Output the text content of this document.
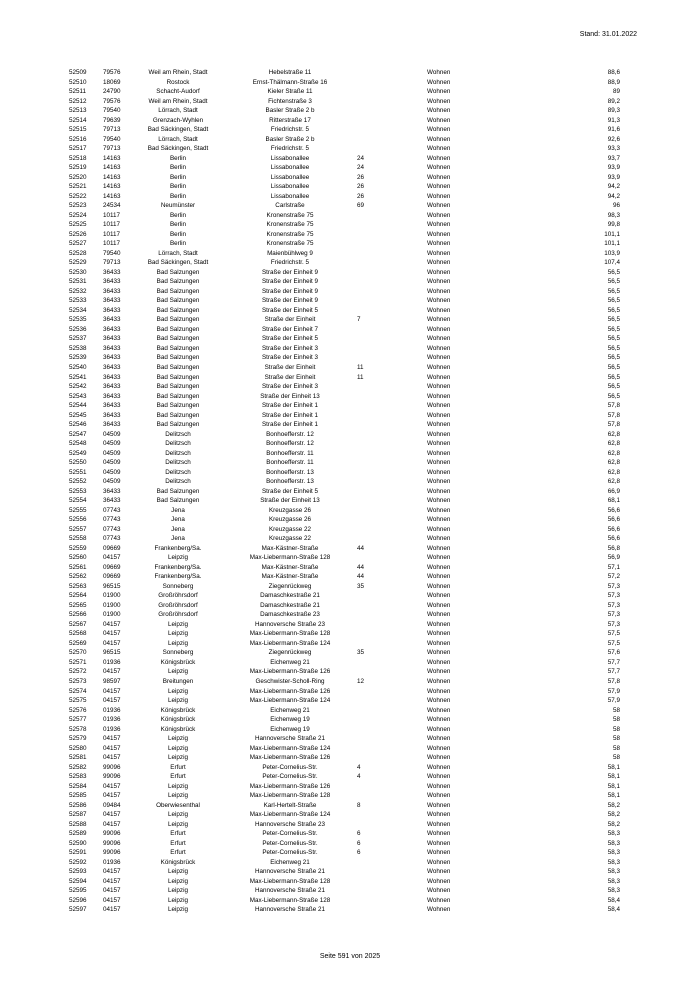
Stand: 31.01.2022
52509	79576	Weil am Rhein, Stadt	Hebelstraße 11	Wohnen	88,6
52510	18069	Rostock	Ernst-Thälmann-Straße 16	Wohnen	88,9
52511	24790	Schacht-Audorf	Kieler Straße 11	Wohnen	89
52512	79576	Weil am Rhein, Stadt	Fichtenstraße 3	Wohnen	89,2
52513	79540	Lörrach, Stadt	Basler Straße 2 b	Wohnen	89,3
52514	79639	Grenzach-Wyhlen	Ritterstraße 17	Wohnen	91,3
52515	79713	Bad Säckingen, Stadt	Friedrichstr. 5	Wohnen	91,6
52516	79540	Lörrach, Stadt	Basler Straße 2 b	Wohnen	92,6
52517	79713	Bad Säckingen, Stadt	Friedrichstr. 5	Wohnen	93,3
52518	14163	Berlin	Lissabonallee	24	Wohnen	93,7
52519	14163	Berlin	Lissabonallee	24	Wohnen	93,9
52520	14163	Berlin	Lissabonallee	26	Wohnen	93,9
52521	14163	Berlin	Lissabonallee	26	Wohnen	94,2
52522	14163	Berlin	Lissabonallee	26	Wohnen	94,2
52523	24534	Neumünster	Carlstraße	69	Wohnen	96
52524	10117	Berlin	Kronenstraße 75	Wohnen	98,3
52525	10117	Berlin	Kronenstraße 75	Wohnen	99,8
52526	10117	Berlin	Kronenstraße 75	Wohnen	101,1
52527	10117	Berlin	Kronenstraße 75	Wohnen	101,1
52528	79540	Lörrach, Stadt	Maienbühlweg 9	Wohnen	103,9
52529	79713	Bad Säckingen, Stadt	Friedrichstr. 5	Wohnen	107,4
52530	36433	Bad Salzungen	Straße der Einheit 9	Wohnen	56,5
52531	36433	Bad Salzungen	Straße der Einheit 9	Wohnen	56,5
52532	36433	Bad Salzungen	Straße der Einheit 9	Wohnen	56,5
52533	36433	Bad Salzungen	Straße der Einheit 9	Wohnen	56,5
52534	36433	Bad Salzungen	Straße der Einheit 5	Wohnen	56,5
52535	36433	Bad Salzungen	Straße der Einheit	7	Wohnen	56,5
52536	36433	Bad Salzungen	Straße der Einheit 7	Wohnen	56,5
52537	36433	Bad Salzungen	Straße der Einheit 5	Wohnen	56,5
52538	36433	Bad Salzungen	Straße der Einheit 3	Wohnen	56,5
52539	36433	Bad Salzungen	Straße der Einheit 3	Wohnen	56,5
52540	36433	Bad Salzungen	Straße der Einheit	11	Wohnen	56,5
52541	36433	Bad Salzungen	Straße der Einheit	11	Wohnen	56,5
52542	36433	Bad Salzungen	Straße der Einheit 3	Wohnen	56,5
52543	36433	Bad Salzungen	Straße der Einheit 13	Wohnen	56,5
52544	36433	Bad Salzungen	Straße der Einheit 1	Wohnen	57,8
52545	36433	Bad Salzungen	Straße der Einheit 1	Wohnen	57,8
52546	36433	Bad Salzungen	Straße der Einheit 1	Wohnen	57,8
52547	04509	Delitzsch	Bonhoefferstr. 12	Wohnen	62,8
52548	04509	Delitzsch	Bonhoefferstr. 12	Wohnen	62,8
52549	04509	Delitzsch	Bonhoefferstr. 11	Wohnen	62,8
52550	04509	Delitzsch	Bonhoefferstr. 11	Wohnen	62,8
52551	04509	Delitzsch	Bonhoefferstr. 13	Wohnen	62,8
52552	04509	Delitzsch	Bonhoefferstr. 13	Wohnen	62,8
52553	36433	Bad Salzungen	Straße der Einheit 5	Wohnen	66,9
52554	36433	Bad Salzungen	Straße der Einheit 13	Wohnen	68,1
52555	07743	Jena	Kreuzgasse 26	Wohnen	56,6
52556	07743	Jena	Kreuzgasse 26	Wohnen	56,6
52557	07743	Jena	Kreuzgasse 22	Wohnen	56,6
52558	07743	Jena	Kreuzgasse 22	Wohnen	56,6
52559	09669	Frankenberg/Sa.	Max-Kästner-Straße	44	Wohnen	56,8
52560	04157	Leipzig	Max-Liebermann-Straße 128	Wohnen	56,9
52561	09669	Frankenberg/Sa.	Max-Kästner-Straße	44	Wohnen	57,1
52562	09669	Frankenberg/Sa.	Max-Kästner-Straße	44	Wohnen	57,2
52563	96515	Sonneberg	Ziegenrückweg	35	Wohnen	57,3
52564	01900	Großröhrsdorf	Damaschkestraße 21	Wohnen	57,3
52565	01900	Großröhrsdorf	Damaschkestraße 21	Wohnen	57,3
52566	01900	Großröhrsdorf	Damaschkestraße 23	Wohnen	57,3
52567	04157	Leipzig	Hannoversche Straße 23	Wohnen	57,3
52568	04157	Leipzig	Max-Liebermann-Straße 128	Wohnen	57,5
52569	04157	Leipzig	Max-Liebermann-Straße 124	Wohnen	57,5
52570	96515	Sonneberg	Ziegenrückweg	35	Wohnen	57,6
52571	01936	Königsbrück	Eichenweg 21	Wohnen	57,7
52572	04157	Leipzig	Max-Liebermann-Straße 126	Wohnen	57,7
52573	98597	Breitungen	Geschwister-Scholl-Ring	12	Wohnen	57,8
52574	04157	Leipzig	Max-Liebermann-Straße 126	Wohnen	57,9
52575	04157	Leipzig	Max-Liebermann-Straße 124	Wohnen	57,9
52576	01936	Königsbrück	Eichenweg 21	Wohnen	58
52577	01936	Königsbrück	Eichenweg 19	Wohnen	58
52578	01936	Königsbrück	Eichenweg 19	Wohnen	58
52579	04157	Leipzig	Hannoversche Straße 21	Wohnen	58
52580	04157	Leipzig	Max-Liebermann-Straße 124	Wohnen	58
52581	04157	Leipzig	Max-Liebermann-Straße 126	Wohnen	58
52582	99096	Erfurt	Peter-Cornelius-Str.	4	Wohnen	58,1
52583	99096	Erfurt	Peter-Cornelius-Str.	4	Wohnen	58,1
52584	04157	Leipzig	Max-Liebermann-Straße 126	Wohnen	58,1
52585	04157	Leipzig	Max-Liebermann-Straße 128	Wohnen	58,1
52586	09484	Oberwiesenthal	Karl-Hertelt-Straße	8	Wohnen	58,2
52587	04157	Leipzig	Max-Liebermann-Straße 124	Wohnen	58,2
52588	04157	Leipzig	Hannoversche Straße 23	Wohnen	58,2
52589	99096	Erfurt	Peter-Cornelius-Str.	6	Wohnen	58,3
52590	99096	Erfurt	Peter-Cornelius-Str.	6	Wohnen	58,3
52591	99096	Erfurt	Peter-Cornelius-Str.	6	Wohnen	58,3
52592	01936	Königsbrück	Eichenweg 21	Wohnen	58,3
52593	04157	Leipzig	Hannoversche Straße 21	Wohnen	58,3
52594	04157	Leipzig	Max-Liebermann-Straße 128	Wohnen	58,3
52595	04157	Leipzig	Hannoversche Straße 21	Wohnen	58,3
52596	04157	Leipzig	Max-Liebermann-Straße 128	Wohnen	58,4
52597	04157	Leipzig	Hannoversche Straße 21	Wohnen	58,4
Seite 591 von 2025
